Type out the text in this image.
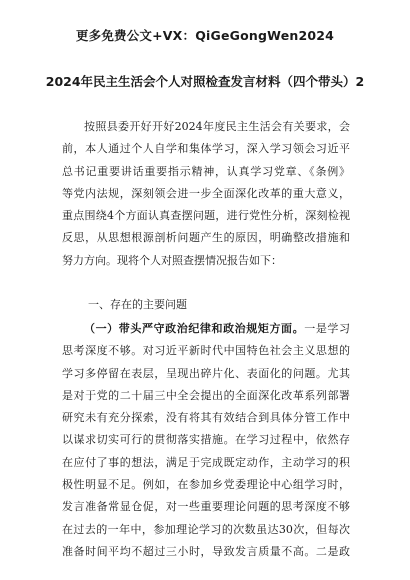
更多免费公文+VX：QiGeGongWen2024
2024年民主生活会个人对照检查发言材料（四个带头）2
按照县委开好开好2024年度民主生活会有关要求，会
前，本人通过个人自学和集体学习，深入学习领会习近平
总书记重要讲话重要指示精神，认真学习党章、《条例》
等党内法规，深刻领会进一步全面深化改革的重大意义，
重点围绕4个方面认真查摆问题，进行党性分析，深刻检视
反思，从思想根源剖析问题产生的原因，明确整改措施和
努力方向。现将个人对照查摆情况报告如下：
一、存在的主要问题
（一）带头严守政治纪律和政治规矩方面。一是学习
思考深度不够。对习近平新时代中国特色社会主义思想的
学习多停留在表层，呈现出碎片化、表面化的问题。尤其
是对于党的二十届三中全会提出的全面深化改革系列部署
研究未有充分探索，没有将其有效结合到具体分管工作中
以谋求切实可行的贯彻落实措施。在学习过程中，依然存
在应付了事的想法，满足于完成既定动作，主动学习的积
极性明显不足。例如，在参加乡党委理论中心组学习时，
发言准备常显仓促，对一些重要理论问题的思考深度不够
在过去的一年中，参加理论学习的次数虽达30次，但每次
准备时间平均不超过三小时，导致发言质量不高。二是政
